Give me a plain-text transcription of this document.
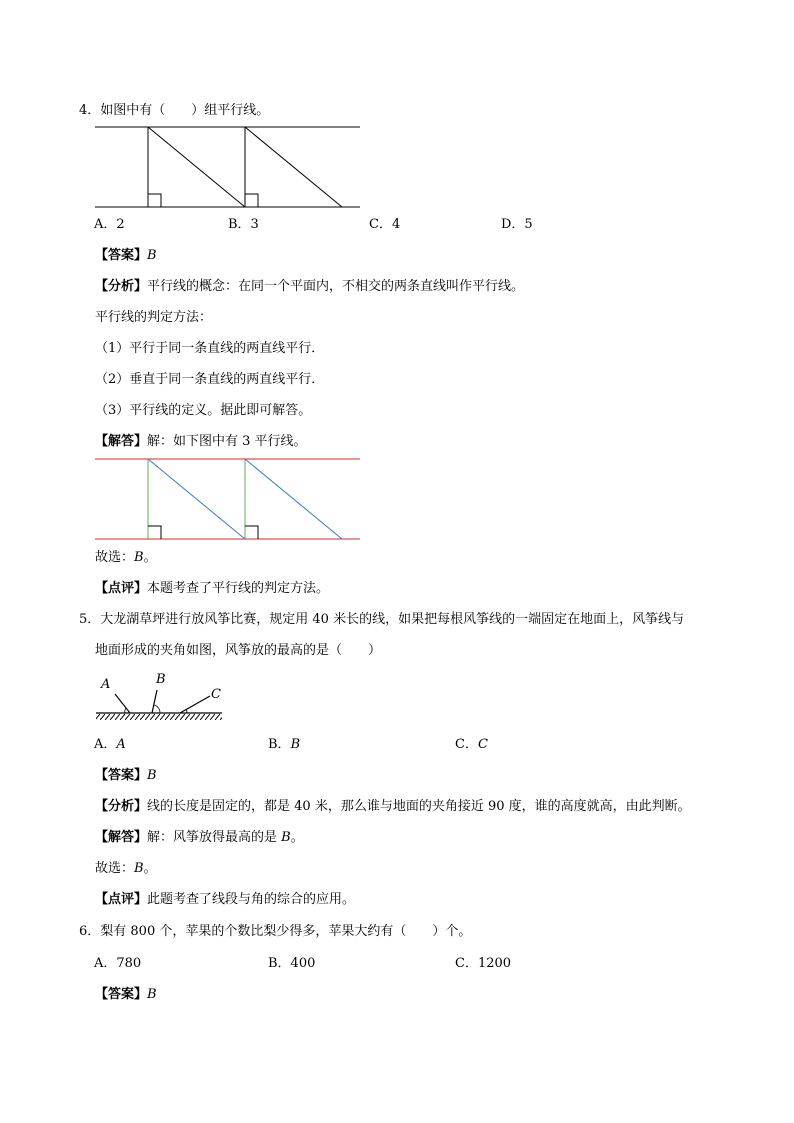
4．如图中有（　　）组平行线。
A．2	B．3	C．4	D．5
【答案】B
【分析】平行线的概念：在同一个平面内，不相交的两条直线叫作平行线。
平行线的判定方法：
（1）平行于同一条直线的两直线平行．
（2）垂直于同一条直线的两直线平行．
（3）平行线的定义。据此即可解答。
【解答】解：如下图中有 3 平行线。
故选：B。
【点评】本题考查了平行线的判定方法。
5．大龙湖草坪进行放风筝比赛，规定用 40 米长的线，如果把每根风筝线的一端固定在地面上，风筝线与
地面形成的夹角如图，风筝放的最高的是（　　）
A	B
C
A．A	B．B	C．C
【答案】B
【分析】线的长度是固定的，都是 40 米，那么谁与地面的夹角接近 90 度，谁的高度就高，由此判断。
【解答】解：风筝放得最高的是 B。
故选：B。
【点评】此题考查了线段与角的综合的应用。
6．梨有 800 个，苹果的个数比梨少得多，苹果大约有（　　）个。
A．780	B．400	C．1200
【答案】B
